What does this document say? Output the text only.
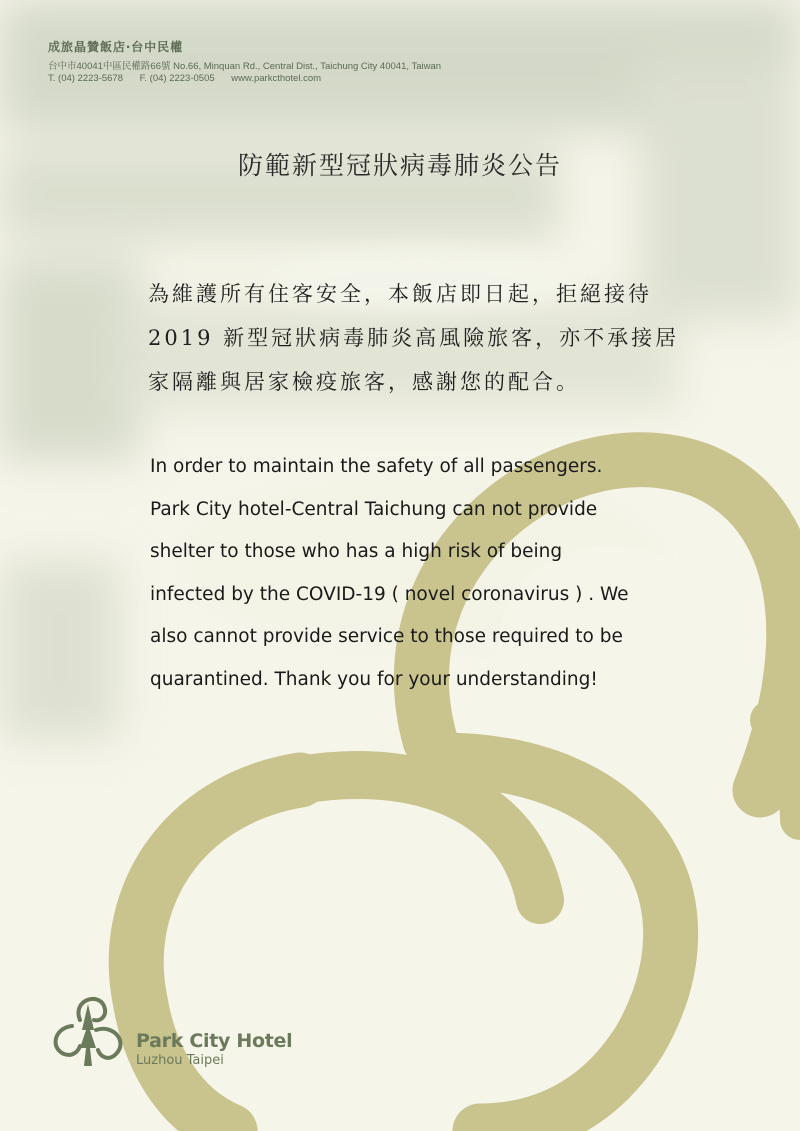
成旅晶贊飯店‧台中民權
台中市40041中區民權路66號 No.66, Minquan Rd., Central Dist., Taichung City 40041, Taiwan
T. (04) 2223-5678 F. (04) 2223-0505 www.parkcthotel.com
防範新型冠狀病毒肺炎公告
為維護所有住客安全，本飯店即日起，拒絕接待
2019 新型冠狀病毒肺炎高風險旅客，亦不承接居
家隔離與居家檢疫旅客，感謝您的配合。
In order to maintain the safety of all passengers.
Park City hotel-Central Taichung can not provide
shelter to those who has a high risk of being
infected by the COVID-19 ( novel coronavirus ) . We
also cannot provide service to those required to be
quarantined. Thank you for your understanding!
Park City Hotel
Luzhou Taipei
